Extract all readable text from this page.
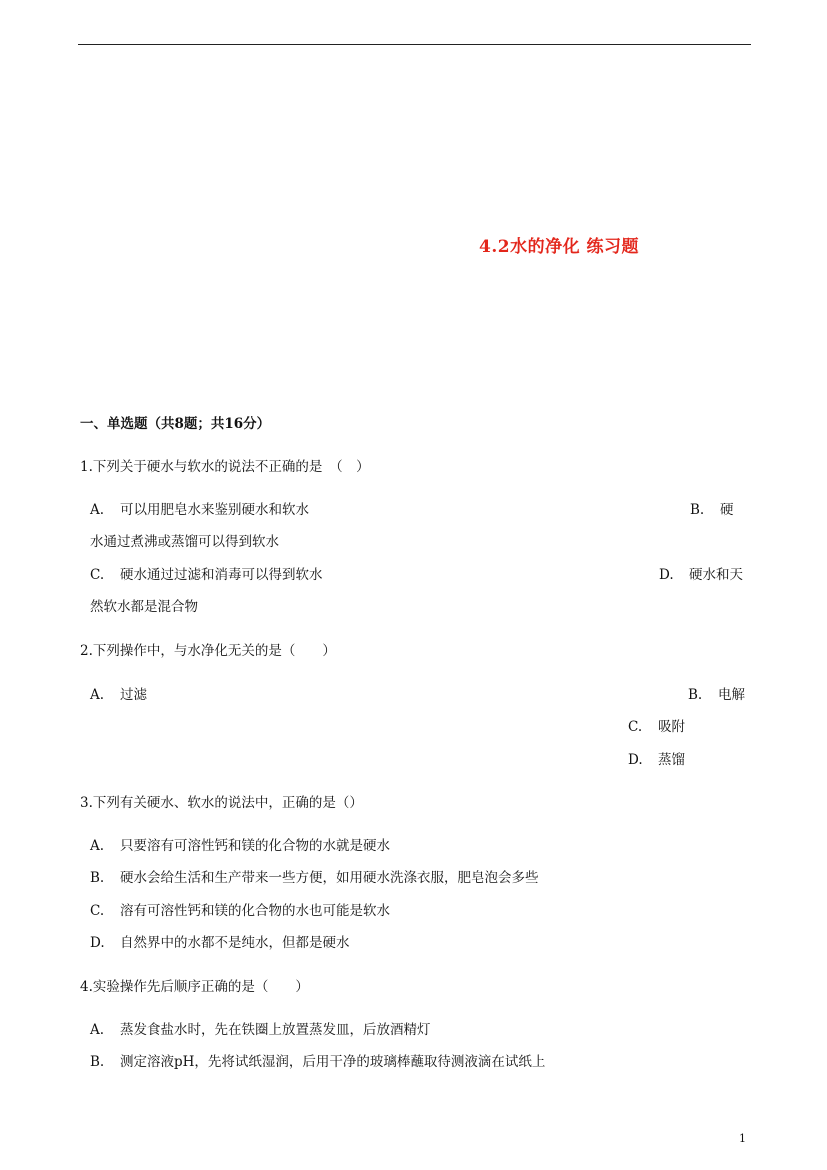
4.2水的净化 练习题
一、单选题（共8题；共16分）
1.下列关于硬水与软水的说法不正确的是　（　）
A. 可以用肥皂水来鉴别硬水和软水	B. 硬
水通过煮沸或蒸馏可以得到软水
C. 硬水通过过滤和消毒可以得到软水	D. 硬水和天
然软水都是混合物
2.下列操作中，与水净化无关的是（　　）
A. 过滤	B. 电解
C. 吸附
D. 蒸馏
3.下列有关硬水、软水的说法中，正确的是（）
A. 只要溶有可溶性钙和镁的化合物的水就是硬水
B. 硬水会给生活和生产带来一些方便，如用硬水洗涤衣服，肥皂泡会多些
C. 溶有可溶性钙和镁的化合物的水也可能是软水
D. 自然界中的水都不是纯水，但都是硬水
4.实验操作先后顺序正确的是（　　）
A. 蒸发食盐水时，先在铁圈上放置蒸发皿，后放酒精灯
B. 测定溶液pH，先将试纸湿润，后用干净的玻璃棒蘸取待测液滴在试纸上
1
